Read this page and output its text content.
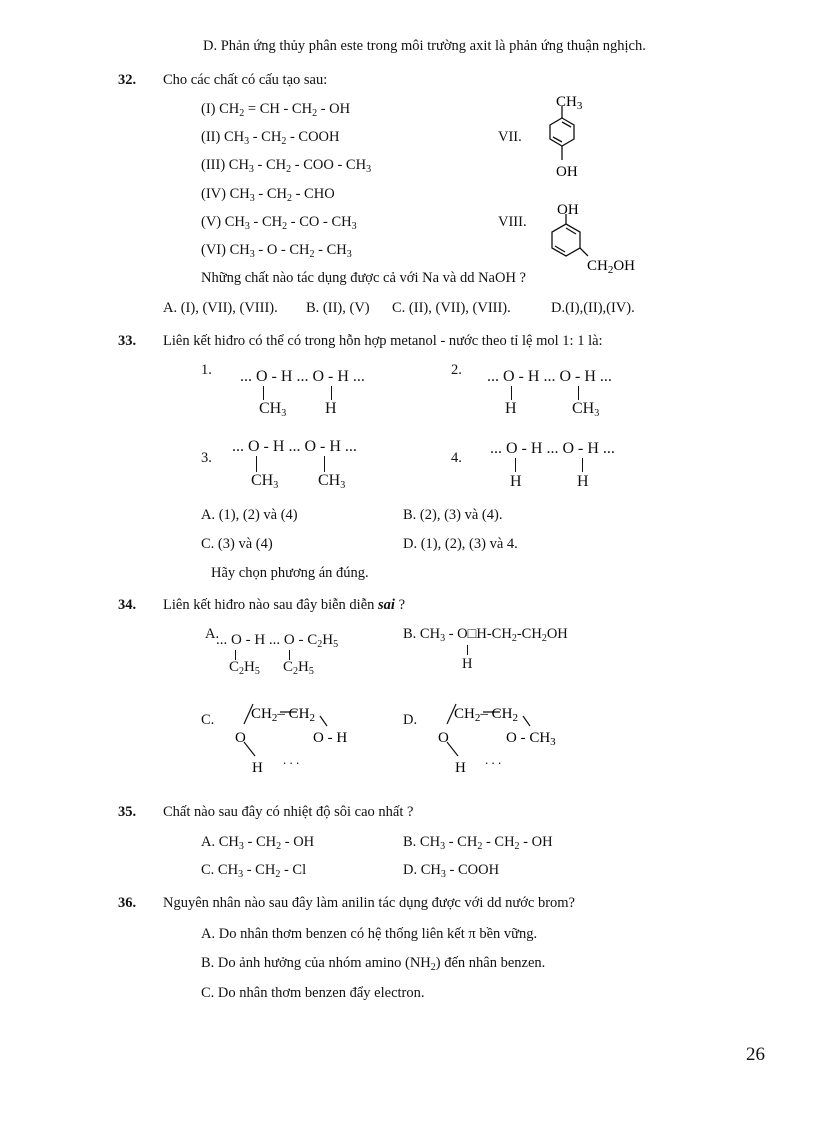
D. Phản ứng thủy phân este trong môi trường axit là phản ứng thuận nghịch.
32. Cho các chất có cấu tạo sau:
(I) $CH_2$ = CH - $CH_2$ - OH
(II) $CH_3 - CH_2$ - COOH
(III) $CH_3 - CH_2$ - COO - $CH_3$
(IV) $CH_3 - CH_2$ - CHO
(V) $CH_3 - CH_2$ - CO - $CH_3$
(VI) $CH_3$ - O - $CH_2 - CH_3$
VII.
VIII.
$CH_3$
OH
OH
$CH_2OH$
Những chất nào tác dụng được cả với Na và dd NaOH ?
A. (I), (VII), (VIII). B. (II), (V) C. (II), (VII), (VIII).	D.(I),(II),(IV).
33. Liên kết hiđro có thể có trong hỗn hợp metanol - nước theo tỉ lệ mol 1: 1 là:
1. ... O - H ... O - H ...
$CH_3$ H
2. ... O - H ... O - H ...
H	$CH_3$
3.
... O - H ... O - H ...
$CH_3$ $CH_3$
4.
... O - H ... O - H ...
H	H
A. (1), (2) và (4)	B. (2), (3) và (4).
C. (3) và (4)	D. (1), (2), (3) và 4.
Hãy chọn phương án đúng.
34. Liên kết hiđro nào sau đây biễn diễn sai ?
A.
... O - H ... O - $C_2H_5$
$C_2H_5$ $C_2H_5$
B. $CH_3$ - $O□H-CH_2-CH_2OH$
H
C. $CH_2-$ $CH_2$
O	O - H
H
. . .
D. $CH_2-$ $CH_2$
O	O - $CH_3$
H
. . .
35. Chất nào sau đây có nhiệt độ sôi cao nhất ?
A. $CH_3 - CH_2$ - OH	B. $CH_3 - CH_2 - CH_2$ - OH
C. $CH_3 - CH_2$ - Cl	D. $CH_3$ - COOH
36. Nguyên nhân nào sau đây làm anilin tác dụng được với dd nước brom?
A. Do nhân thơm benzen có hệ thống liên kết π bền vững.
B. Do ảnh hưởng của nhóm amino $(NH_2)$ đến nhân benzen.
C. Do nhân thơm benzen đẩy electron.
26
